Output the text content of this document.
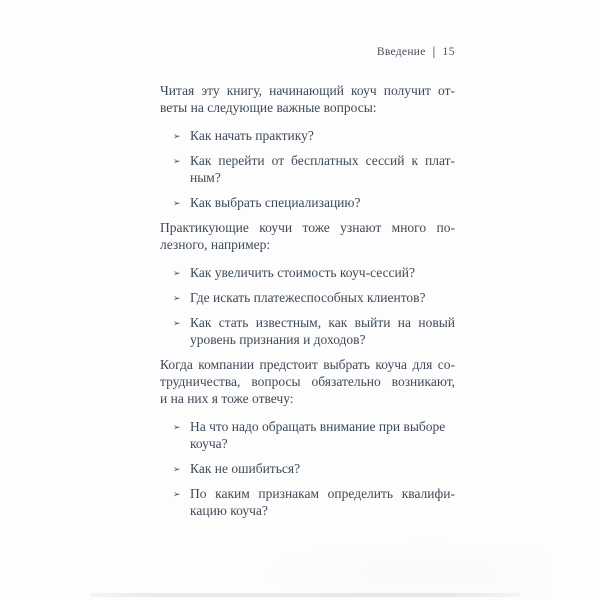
Введение | 15

Читая эту книгу, начинающий коуч получит от-
веты на следующие важные вопросы:

➢ Как начать практику?
➢ Как перейти от бесплатных сессий к плат-
ным?
➢ Как выбрать специализацию?

Практикующие коучи тоже узнают много по-
лезного, например:

➢ Как увеличить стоимость коуч-сессий?
➢ Где искать платежеспособных клиентов?
➢ Как стать известным, как выйти на новый
уровень признания и доходов?

Когда компании предстоит выбрать коуча для со-
трудничества, вопросы обязательно возникают,
и на них я тоже отвечу:

➢ На что надо обращать внимание при выборе
коуча?
➢ Как не ошибиться?
➢ По каким признакам определить квалифи-
кацию коуча?
